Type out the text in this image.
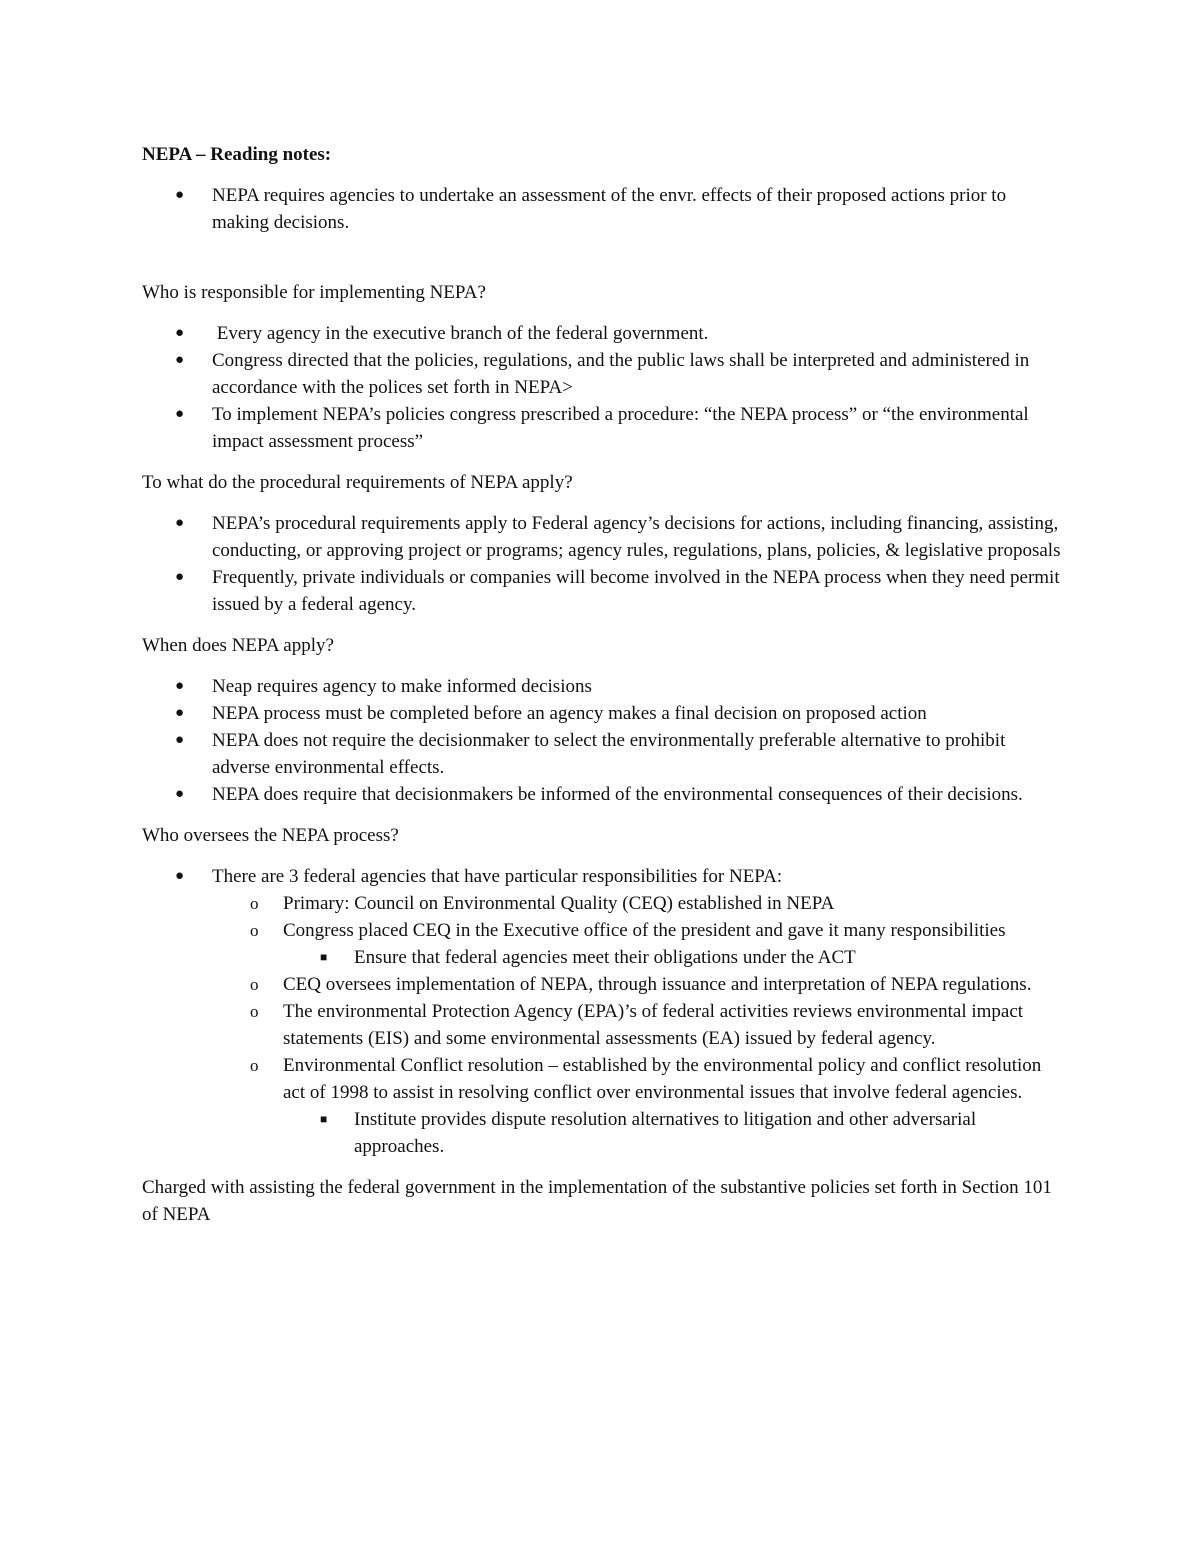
NEPA – Reading notes:

● NEPA requires agencies to undertake an assessment of the envr. effects of their proposed actions prior to making decisions.

Who is responsible for implementing NEPA?

● Every agency in the executive branch of the federal government.
● Congress directed that the policies, regulations, and the public laws shall be interpreted and administered in accordance with the polices set forth in NEPA>
● To implement NEPA’s policies congress prescribed a procedure: “the NEPA process” or “the environmental impact assessment process”

To what do the procedural requirements of NEPA apply?

● NEPA’s procedural requirements apply to Federal agency’s decisions for actions, including financing, assisting, conducting, or approving project or programs; agency rules, regulations, plans, policies, & legislative proposals
● Frequently, private individuals or companies will become involved in the NEPA process when they need permit issued by a federal agency.

When does NEPA apply?

● Neap requires agency to make informed decisions
● NEPA process must be completed before an agency makes a final decision on proposed action
● NEPA does not require the decisionmaker to select the environmentally preferable alternative to prohibit adverse environmental effects.
● NEPA does require that decisionmakers be informed of the environmental consequences of their decisions.

Who oversees the NEPA process?

● There are 3 federal agencies that have particular responsibilities for NEPA:
o Primary: Council on Environmental Quality (CEQ) established in NEPA
o Congress placed CEQ in the Executive office of the president and gave it many responsibilities
■ Ensure that federal agencies meet their obligations under the ACT
o CEQ oversees implementation of NEPA, through issuance and interpretation of NEPA regulations.
o The environmental Protection Agency (EPA)’s of federal activities reviews environmental impact statements (EIS) and some environmental assessments (EA) issued by federal agency.
o Environmental Conflict resolution – established by the environmental policy and conflict resolution act of 1998 to assist in resolving conflict over environmental issues that involve federal agencies.
■ Institute provides dispute resolution alternatives to litigation and other adversarial approaches.

Charged with assisting the federal government in the implementation of the substantive policies set forth in Section 101 of NEPA
